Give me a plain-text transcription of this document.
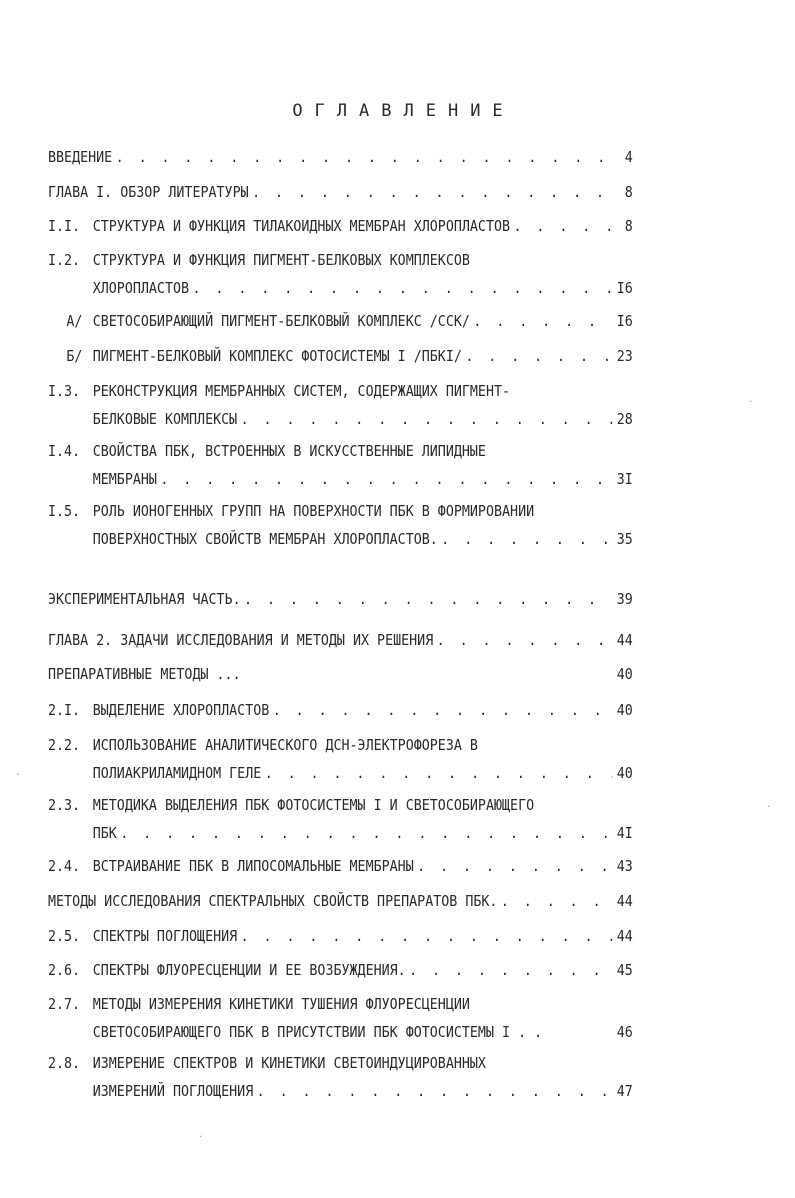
ОГЛАВЛЕНИЕ
ВВЕДЕНИЕ . . .	4
ГЛАВА I. ОБЗОР ЛИТЕРАТУРЫ . . .	8
I.I. СТРУКТУРА И ФУНКЦИЯ ТИЛАКОИДНЫХ МЕМБРАН ХЛОРОПЛАСТОВ . . .	8
I.2. СТРУКТУРА И ФУНКЦИЯ ПИГМЕНТ-БЕЛКОВЫХ КОМПЛЕКСОВ
ХЛОРОПЛАСТОВ . . .	I6
А/ СВЕТОСОБИРАЮЩИЙ ПИГМЕНТ-БЕЛКОВЫЙ КОМПЛЕКС /ССК/ . . .	I6
Б/ ПИГМЕНТ-БЕЛКОВЫЙ КОМПЛЕКС ФОТОСИСТЕМЫ I /ПБКI/ . . .	23
I.3. РЕКОНСТРУКЦИЯ МЕМБРАННЫХ СИСТЕМ, СОДЕРЖАЩИХ ПИГМЕНТ-
БЕЛКОВЫЕ КОМПЛЕКСЫ . . .	28
I.4. СВОЙСТВА ПБК, ВСТРОЕННЫХ В ИСКУССТВЕННЫЕ ЛИПИДНЫЕ
МЕМБРАНЫ . . .	3I
I.5. РОЛЬ ИОНОГЕННЫХ ГРУПП НА ПОВЕРХНОСТИ ПБК В ФОРМИРОВАНИИ
ПОВЕРХНОСТНЫХ СВОЙСТВ МЕМБРАН ХЛОРОПЛАСТОВ. . . .	35
ЭКСПЕРИМЕНТАЛЬНАЯ ЧАСТЬ. . . .	39
ГЛАВА 2. ЗАДАЧИ ИССЛЕДОВАНИЯ И МЕТОДЫ ИХ РЕШЕНИЯ . . .	44
ПРЕПАРАТИВНЫЕ МЕТОДЫ ...	40
2.I. ВЫДЕЛЕНИЕ ХЛОРОПЛАСТОВ . . .	40
2.2. ИСПОЛЬЗОВАНИЕ АНАЛИТИЧЕСКОГО ДСН-ЭЛЕКТРОФОРЕЗА В
ПОЛИАКРИЛАМИДНОМ ГЕЛЕ . . .	40
2.3. МЕТОДИКА ВЫДЕЛЕНИЯ ПБК ФОТОСИСТЕМЫ I И СВЕТОСОБИРАЮЩЕГО
ПБК . . .	4I
2.4. ВСТРАИВАНИЕ ПБК В ЛИПОСОМАЛЬНЫЕ МЕМБРАНЫ . . .	43
МЕТОДЫ ИССЛЕДОВАНИЯ СПЕКТРАЛЬНЫХ СВОЙСТВ ПРЕПАРАТОВ ПБК. . . .	44
2.5. СПЕКТРЫ ПОГЛОЩЕНИЯ . . .	44
2.6. СПЕКТРЫ ФЛУОРЕСЦЕНЦИИ И ЕЕ ВОЗБУЖДЕНИЯ. . . .	45
2.7. МЕТОДЫ ИЗМЕРЕНИЯ КИНЕТИКИ ТУШЕНИЯ ФЛУОРЕСЦЕНЦИИ
СВЕТОСОБИРАЮЩЕГО ПБК В ПРИСУТСТВИИ ПБК ФОТОСИСТЕМЫ I . .	46
2.8. ИЗМЕРЕНИЕ СПЕКТРОВ И КИНЕТИКИ СВЕТОИНДУЦИРОВАННЫХ
ИЗМЕРЕНИЙ ПОГЛОЩЕНИЯ . . .	47
.
.
.
.
